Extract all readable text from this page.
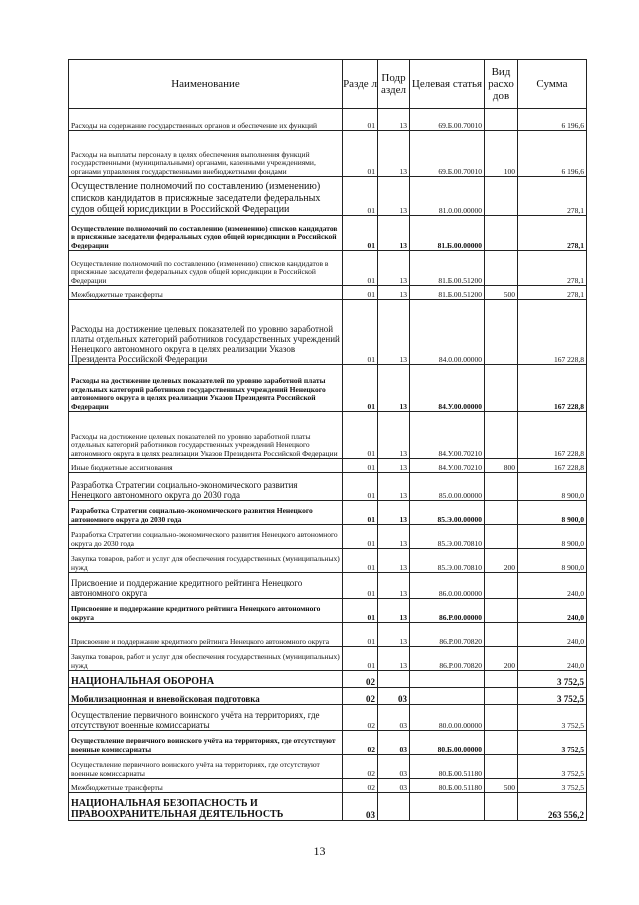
Наименование	Разде л	Подр аздел	Целевая статья	Вид расхо дов	Сумма
Расходы на содержание государственных органов и обеспечение их функций	01	13	69.Б.00.70010		6 196,6
Расходы на выплаты персоналу в целях обеспечения выполнения функций государственными (муниципальными) органами, казенными учреждениями, органами управления государственными внебюджетными фондами	01	13	69.Б.00.70010	100	6 196,6
Осуществление полномочий по составлению (изменению) списков кандидатов в присяжные заседатели федеральных судов общей юрисдикции в Российской Федерации	01	13	81.0.00.00000		278,1
Осуществление полномочий по составлению (изменению) списков кандидатов в присяжные заседатели федеральных судов общей юрисдикции в Российской Федерации	01	13	81.Б.00.00000		278,1
Осуществление полномочий по составлению (изменению) списков кандидатов в присяжные заседатели федеральных судов общей юрисдикции в Российской Федерации	01	13	81.Б.00.51200		278,1
Межбюджетные трансферты	01	13	81.Б.00.51200	500	278,1
Расходы на достижение целевых показателей по уровню заработной платы отдельных категорий работников государственных учреждений Ненецкого автономного округа в целях реализации Указов Президента Российской Федерации	01	13	84.0.00.00000		167 228,8
Расходы на достижение целевых показателей по уровню заработной платы отдельных категорий работников государственных учреждений Ненецкого автономного округа в целях реализации Указов Президента Российской Федерации	01	13	84.У.00.00000		167 228,8
Расходы на достижение целевых показателей по уровню заработной платы отдельных категорий работников государственных учреждений Ненецкого автономного округа в целях реализации Указов Президента Российской Федерации	01	13	84.У.00.70210		167 228,8
Иные бюджетные ассигнования	01	13	84.У.00.70210	800	167 228,8
Разработка Стратегии социально-экономического развития Ненецкого автономного округа до 2030 года	01	13	85.0.00.00000		8 900,0
Разработка Стратегии социально-экономического развития Ненецкого автономного округа до 2030 года	01	13	85.Э.00.00000		8 900,0
Разработка Стратегии социально-экономического развития Ненецкого автономного округа до 2030 года	01	13	85.Э.00.70810		8 900,0
Закупка товаров, работ и услуг для обеспечения государственных (муниципальных) нужд	01	13	85.Э.00.70810	200	8 900,0
Присвоение и поддержание кредитного рейтинга Ненецкого автономного округа	01	13	86.0.00.00000		240,0
Присвоение и поддержание кредитного рейтинга Ненецкого автономного округа	01	13	86.Р.00.00000		240,0
Присвоение и поддержание кредитного рейтинга Ненецкого автономного округа	01	13	86.Р.00.70820		240,0
Закупка товаров, работ и услуг для обеспечения государственных (муниципальных) нужд	01	13	86.Р.00.70820	200	240,0
НАЦИОНАЛЬНАЯ ОБОРОНА	02				3 752,5
Мобилизационная и вневойсковая подготовка	02	03			3 752,5
Осуществление первичного воинского учёта на территориях, где отсутствуют военные комиссариаты	02	03	80.0.00.00000		3 752,5
Осуществление первичного воинского учёта на территориях, где отсутствуют военные комиссариаты	02	03	80.Б.00.00000		3 752,5
Осуществление первичного воинского учёта на территориях, где отсутствуют военные комиссариаты	02	03	80.Б.00.51180		3 752,5
Межбюджетные трансферты	02	03	80.Б.00.51180	500	3 752,5
НАЦИОНАЛЬНАЯ БЕЗОПАСНОСТЬ И ПРАВООХРАНИТЕЛЬНАЯ ДЕЯТЕЛЬНОСТЬ	03				263 556,2
13
